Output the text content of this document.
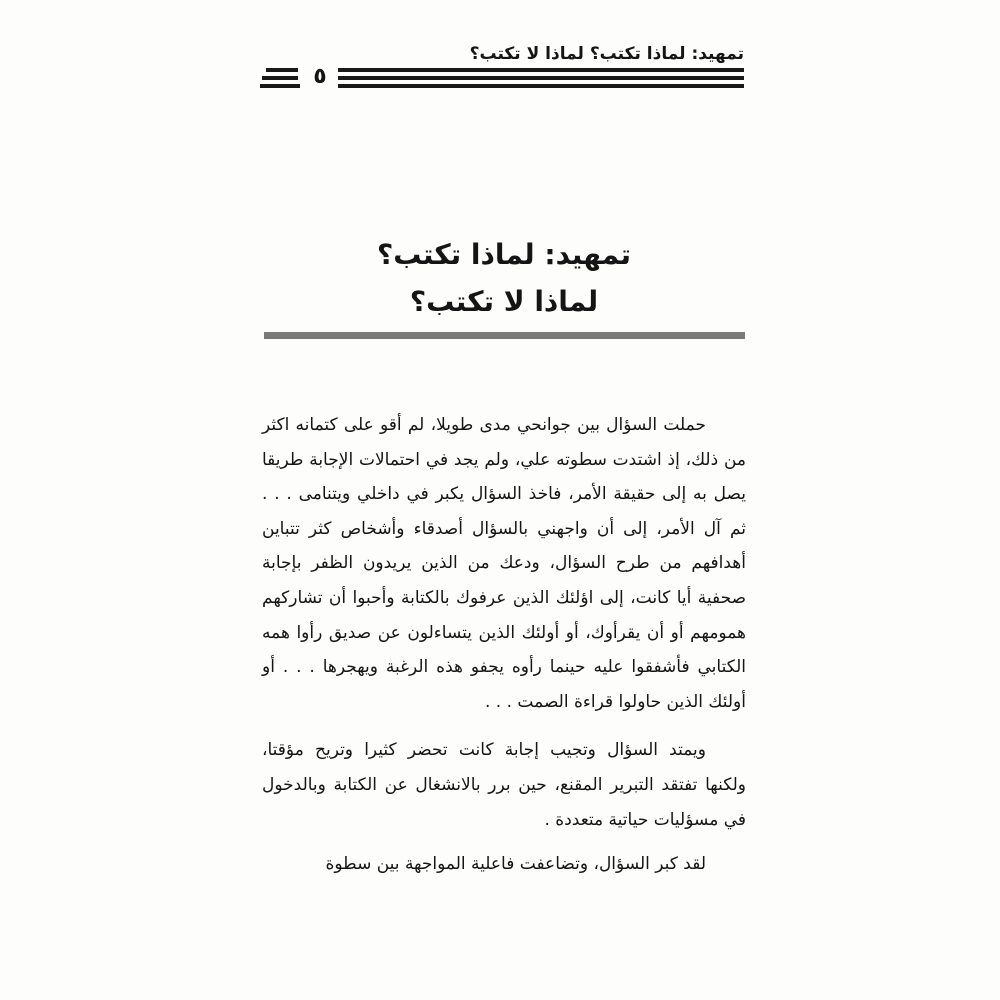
تمهيد: لماذا تكتب؟ لماذا لا تكتب؟
٥
تمهيد: لماذا تكتب؟
لماذا لا تكتب؟

حملت السؤال بين جوانحي مدى طويلا، لم أقو على كتمانه اكثر من ذلك، إذ اشتدت سطوته علي، ولم يجد في احتمالات الإجابة طريقا يصل به إلى حقيقة الأمر، فاخذ السؤال يكبر في داخلي ويتنامى . . . ثم آل الأمر، إلى أن واجهني بالسؤال أصدقاء وأشخاص كثر تتباين أهدافهم من طرح السؤال، ودعك من الذين يريدون الظفر بإجابة صحفية أيا كانت، إلى اؤلئك الذين عرفوك بالكتابة وأحبوا أن تشاركهم همومهم أو أن يقرأوك، أو أولئك الذين يتساءلون عن صديق رأوا همه الكتابي فأشفقوا عليه حينما رأوه يجفو هذه الرغبة ويهجرها . . . أو أولئك الذين حاولوا قراءة الصمت . . .

ويمتد السؤال وتجيب إجابة كانت تحضر كثيرا وتريح مؤقتا، ولكنها تفتقد التبرير المقنع، حين برر بالانشغال عن الكتابة وبالدخول في مسؤليات حياتية متعددة .

لقد كبر السؤال، وتضاعفت فاعلية المواجهة بين سطوة
